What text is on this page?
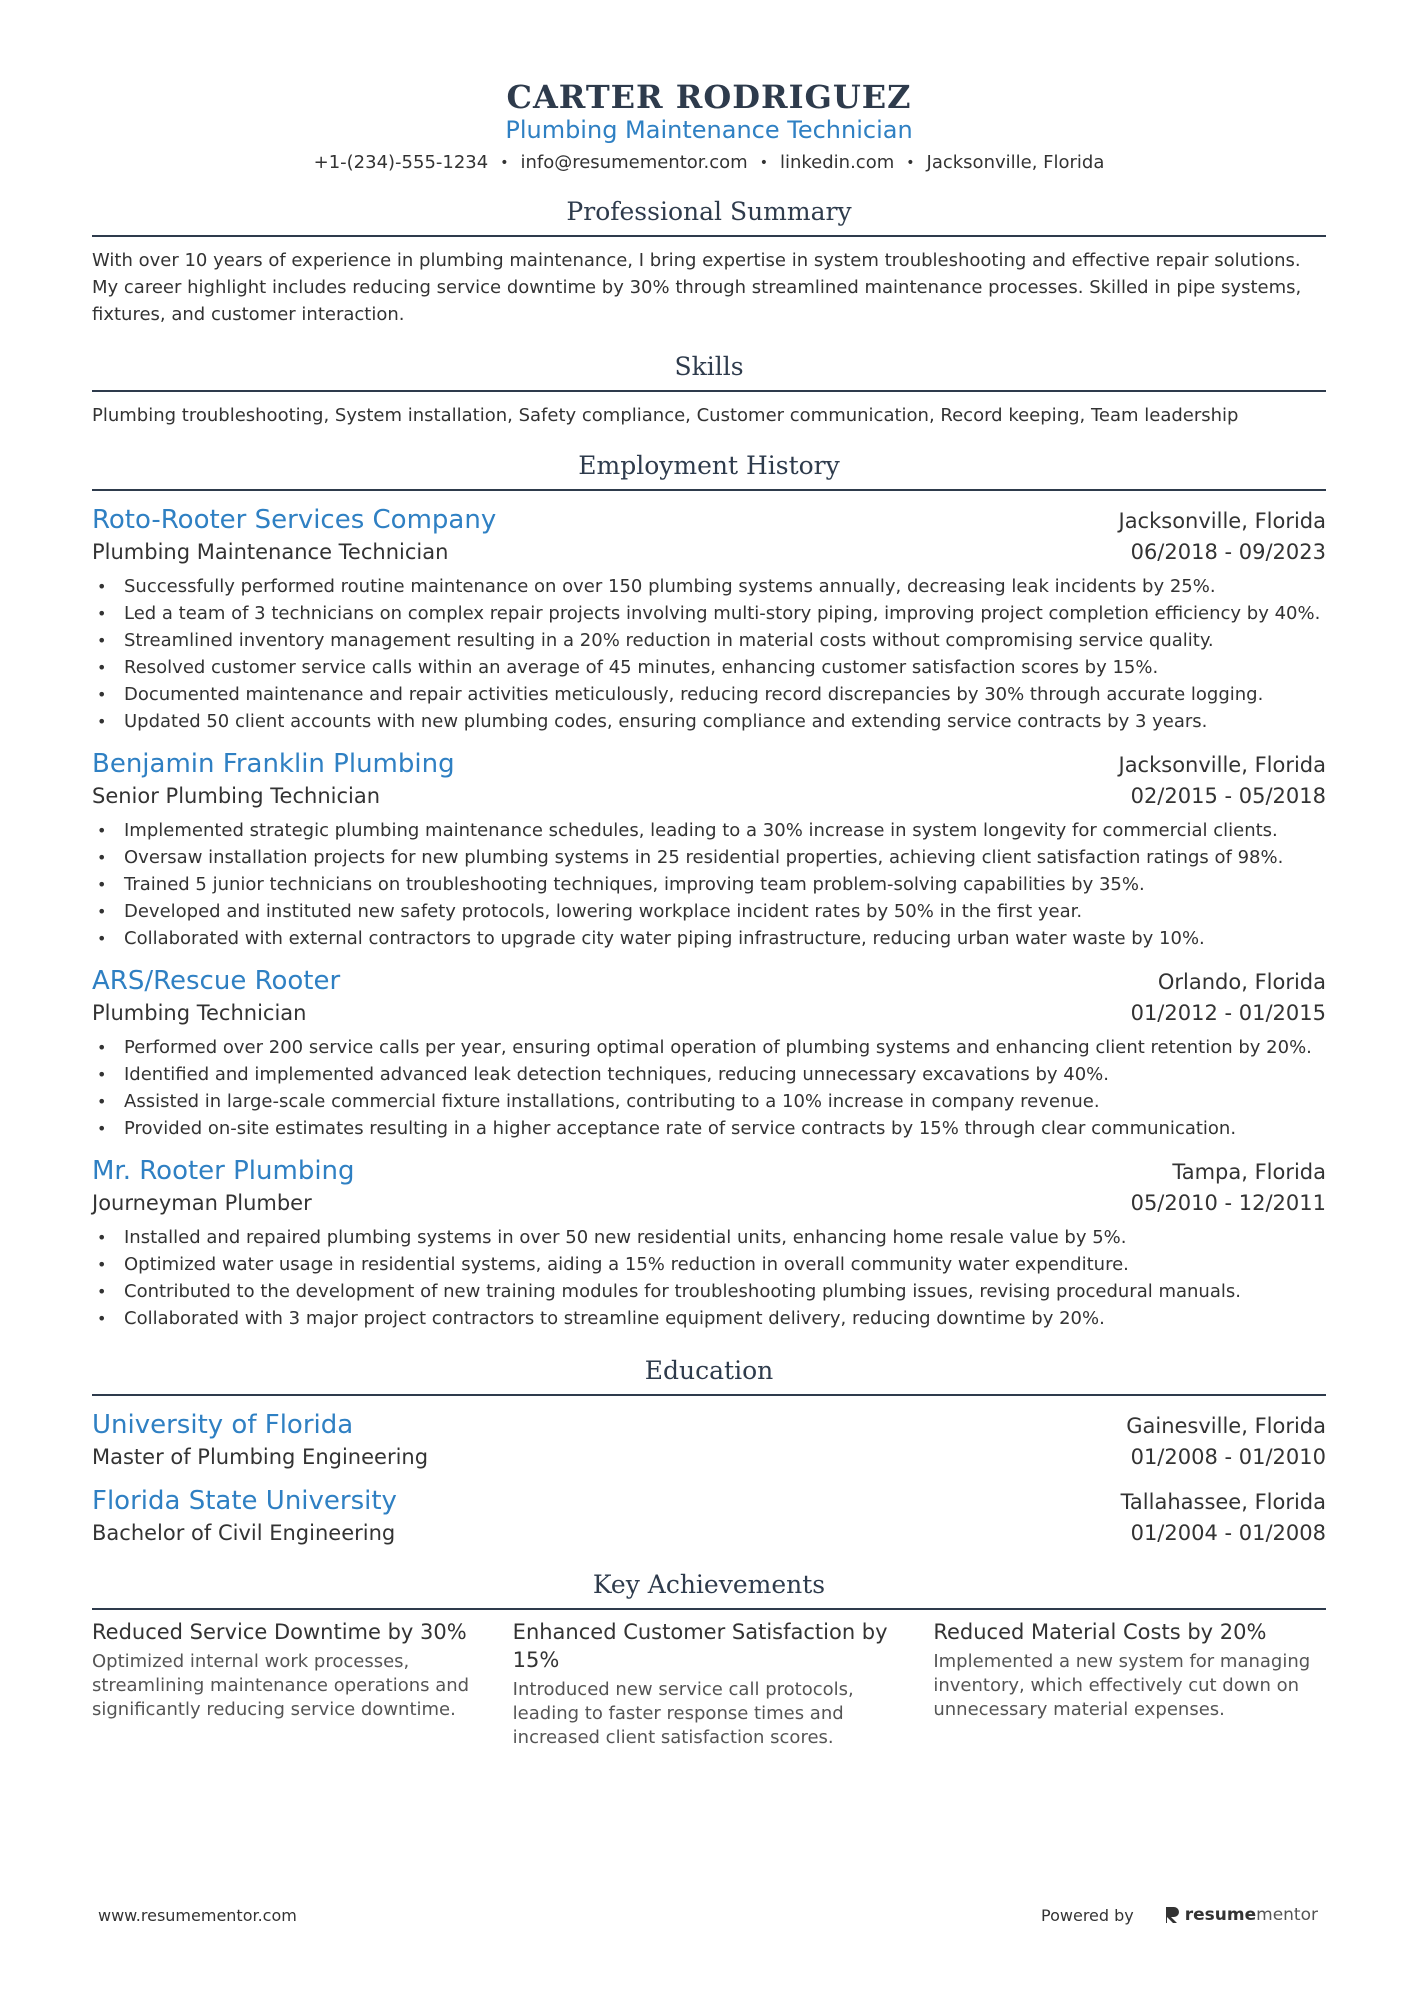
CARTER RODRIGUEZ
Plumbing Maintenance Technician
+1-(234)-555-1234 • info@resumementor.com • linkedin.com • Jacksonville, Florida
Professional Summary
With over 10 years of experience in plumbing maintenance, I bring expertise in system troubleshooting and effective repair solutions. My career highlight includes reducing service downtime by 30% through streamlined maintenance processes. Skilled in pipe systems, fixtures, and customer interaction.
Skills
Plumbing troubleshooting, System installation, Safety compliance, Customer communication, Record keeping, Team leadership
Employment History
Roto-Rooter Services Company	Jacksonville, Florida
Plumbing Maintenance Technician	06/2018 - 09/2023
• Successfully performed routine maintenance on over 150 plumbing systems annually, decreasing leak incidents by 25%.
• Led a team of 3 technicians on complex repair projects involving multi-story piping, improving project completion efficiency by 40%.
• Streamlined inventory management resulting in a 20% reduction in material costs without compromising service quality.
• Resolved customer service calls within an average of 45 minutes, enhancing customer satisfaction scores by 15%.
• Documented maintenance and repair activities meticulously, reducing record discrepancies by 30% through accurate logging.
• Updated 50 client accounts with new plumbing codes, ensuring compliance and extending service contracts by 3 years.
Benjamin Franklin Plumbing	Jacksonville, Florida
Senior Plumbing Technician	02/2015 - 05/2018
• Implemented strategic plumbing maintenance schedules, leading to a 30% increase in system longevity for commercial clients.
• Oversaw installation projects for new plumbing systems in 25 residential properties, achieving client satisfaction ratings of 98%.
• Trained 5 junior technicians on troubleshooting techniques, improving team problem-solving capabilities by 35%.
• Developed and instituted new safety protocols, lowering workplace incident rates by 50% in the first year.
• Collaborated with external contractors to upgrade city water piping infrastructure, reducing urban water waste by 10%.
ARS/Rescue Rooter	Orlando, Florida
Plumbing Technician	01/2012 - 01/2015
• Performed over 200 service calls per year, ensuring optimal operation of plumbing systems and enhancing client retention by 20%.
• Identified and implemented advanced leak detection techniques, reducing unnecessary excavations by 40%.
• Assisted in large-scale commercial fixture installations, contributing to a 10% increase in company revenue.
• Provided on-site estimates resulting in a higher acceptance rate of service contracts by 15% through clear communication.
Mr. Rooter Plumbing	Tampa, Florida
Journeyman Plumber	05/2010 - 12/2011
• Installed and repaired plumbing systems in over 50 new residential units, enhancing home resale value by 5%.
• Optimized water usage in residential systems, aiding a 15% reduction in overall community water expenditure.
• Contributed to the development of new training modules for troubleshooting plumbing issues, revising procedural manuals.
• Collaborated with 3 major project contractors to streamline equipment delivery, reducing downtime by 20%.
Education
University of Florida	Gainesville, Florida
Master of Plumbing Engineering	01/2008 - 01/2010
Florida State University	Tallahassee, Florida
Bachelor of Civil Engineering	01/2004 - 01/2008
Key Achievements
Reduced Service Downtime by 30%
Optimized internal work processes, streamlining maintenance operations and significantly reducing service downtime.
Enhanced Customer Satisfaction by 15%
Introduced new service call protocols, leading to faster response times and increased client satisfaction scores.
Reduced Material Costs by 20%
Implemented a new system for managing inventory, which effectively cut down on unnecessary material expenses.
www.resumementor.com	Powered by	resume mentor
